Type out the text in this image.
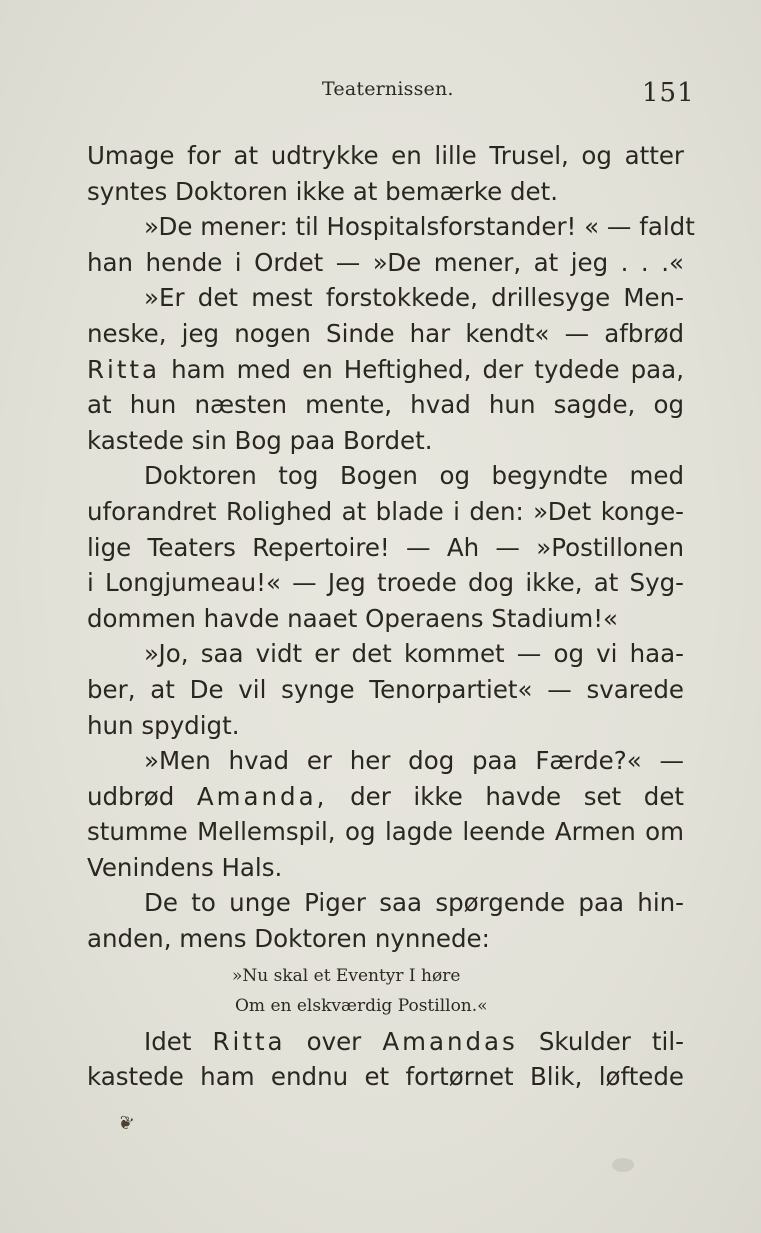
Teaternissen.	151
Umage for at udtrykke en lille Trusel, og atter
syntes Doktoren ikke at bemærke det.
»De mener: til Hospitalsforstander! « — faldt
han hende i Ordet — »De mener, at jeg . . .«
»Er det mest forstokkede, drillesyge Men-
neske, jeg nogen Sinde har kendt« — afbrød
Ritta ham med en Heftighed, der tydede paa,
at hun næsten mente, hvad hun sagde, og
kastede sin Bog paa Bordet.
Doktoren tog Bogen og begyndte med
uforandret Rolighed at blade i den: »Det konge-
lige Teaters Repertoire! — Ah — »Postillonen
i Longjumeau!« — Jeg troede dog ikke, at Syg-
dommen havde naaet Operaens Stadium!«
»Jo, saa vidt er det kommet — og vi haa-
ber, at De vil synge Tenorpartiet« — svarede
hun spydigt.
»Men hvad er her dog paa Færde?« —
udbrød Amanda, der ikke havde set det
stumme Mellemspil, og lagde leende Armen om
Venindens Hals.
De to unge Piger saa spørgende paa hin-
anden, mens Doktoren nynnede:
»Nu skal et Eventyr I høre
Om en elskværdig Postillon.«
Idet Ritta over Amandas Skulder til-
kastede ham endnu et fortørnet Blik, løftede
❦
